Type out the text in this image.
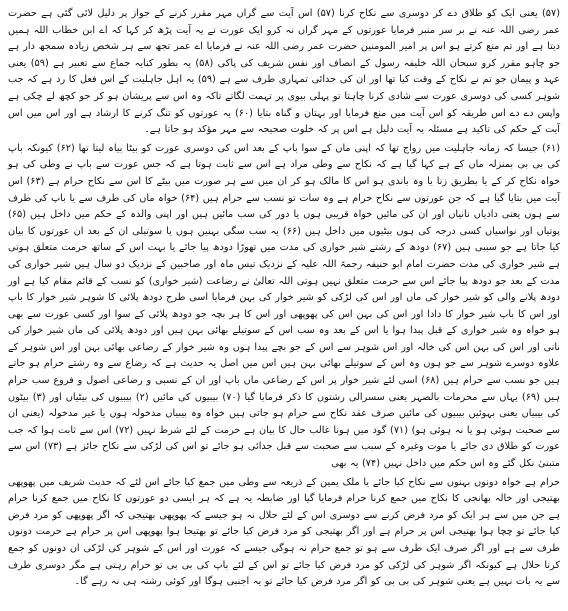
(۵۷) یعنی ایک کو طلاق دے کر دوسری سے نکاح کرنا (۵۷) اس آیت سے گراں مہر مقرر کرنے کے جواز پر دلیل لائی گئی ہے حضرت عمر رضی اللہ عنہ نے بر سر منبر فرمایا عورتوں کے مہر گراں نہ کرو ایک عورت نے یہ آیت پڑھ کر کہا کہ اے ابن خطاب اللہ ہمیں دیتا ہے اور تم منع کرتے ہو اس پر امیر المومنین حضرت عمر رضی اللہ عنہ نے فرمایا اے عمر تجھ سے ہر شخص زیادہ سمجھ دار ہے جو چاہو مقرر کرو سبحان اللہ خلیفہ رسول کے انصاف اور نفس شریف کی پاکی (۵۸) یہ بطور کنایہ جماع سے تعبیر ہے (۵۹) یعنی عہد و پیمان جو تم نے نکاح کے وقت کیا تھا اور ان کی جدائی تمہاری طرف سے ہے (۵۹) یہ اہل جاہلیت کے اس فعل کا رد ہے کہ جب شوہر کسی کی دوسری عورت سے شادی کرنا چاہتا تو پہلی بیوی پر تہمت لگاتے تاکہ وہ اس سے پریشان ہو کر جو کچھ لے چکی ہے واپس دے دے اس طریقہ کو اس آیت میں منع فرمایا اور بہتان و گناہ بتایا (۶۰) یہ عورتوں کو تنگ کرنے کا ارشاد ہے اور اس میں اس آیت کے حکم کی تاکید ہے مسئلہ یہ آیت دلیل ہے اس پر کہ خلوت صحیحہ سے مہر مؤکد ہو جاتا ہے۔

(۶۱) جیسا کہ زمانہ جاہلیت میں رواج تھا کہ اپنی ماں کے سوا باپ کے بعد اس کی دوسری عورت کو بیٹا بیاہ لیتا تھا (۶۲) کیونکہ باپ کی بی بی بمنزلہ ماں کے ہے کہا گیا ہے کہ نکاح سے وطی مراد ہے اس سے ثابت ہوتا ہے کہ جس عورت سے باپ نے وطی کی ہو خواہ نکاح کر کے یا بطریق زنا یا وہ باندی ہو اس کا مالک ہو کر ان میں سے ہر صورت میں بیٹے کا اس سے نکاح حرام ہے (۶۳) اس آیت میں بتایا گیا ہے کہ جن عورتوں سے نکاح حرام ہے وہ سات تو نسب سے حرام ہیں (۶۴) خواہ ماں کی طرف سے یا باپ کی طرف سے ہوں یعنی دادیاں نانیاں اور ان کی مائیں خواہ قریبی ہوں یا دور کی سب مائیں ہیں اور اپنی والدہ کے حکم میں داخل ہیں (۶۵) پوتیاں اور نواسیاں کسی درجہ کی ہوں بیٹیوں میں داخل ہیں (۶۶) یہ سب سگی بہنیں ہوں یا سوتیلی ان کے بعد ان عورتوں کا بیان کیا جاتا ہے جو سببی ہیں (۶۷) دودھ کے رشتے شیر خواری کی مدت میں تھوڑا دودھ پیا جائے یا بہت اس کے ساتھ حرمت متعلق ہوتی ہے شیر خواری کی مدت حضرت امام ابو حنیفہ رحمۃ اللہ علیہ کے نزدیک تیس ماہ اور صاحبین کے نزدیک دو سال ہیں شیر خواری کی مدت کے بعد جو دودھ پیا جائے اس سے حرمت متعلق نہیں ہوتی اللہ تعالیٰ نے رضاعت (شیر خواری) کو نسب کے قائم مقام کیا ہے اور دودھ پلانے والی کو شیر خوار کی ماں اور اس کی لڑکی کو شیر خوار کی بہن فرمایا اسی طرح دودھ پلائی کا شوہر شیر خوار کا باپ اور اس کا باپ شیر خوار کا دادا اور اس کی بہن اس کی پھوپھی اور اس کا ہر بچہ جو دودھ پلائی کے سوا اور کسی عورت سے بھی ہو خواہ وہ شیر خواری کے قبل پیدا ہوا یا اس کے بعد وہ سب اس کے سوتیلے بھائی بہن ہیں اور دودھ پلائی کی ماں شیر خوار کی نانی اور اس کی بہن اس کی خالہ اور اس شوہر سے اس کے جو بچے پیدا ہوں وہ شیر خوار کے رضاعی بھائی بہن اور اس شوہر کے علاوہ دوسرے شوہر سے جو ہوں وہ اس کے سوتیلے بھائی بہن ہیں اس میں اصل یہ حدیث ہے کہ رضاع سے وہ رشتے حرام ہو جاتے ہیں جو نسب سے حرام ہیں (۶۸) اسی لئے شیر خوار پر اس کے رضاعی ماں باپ اور ان کے نسبی و رضاعی اصول و فروع سب حرام ہیں (۶۹) یہاں سے محرمات بالصہر یعنی سسرالی رشتوں کا ذکر فرمایا گیا (۷۰) بیبیوں کی مائیں (۲) بیبیوں کی بیٹیاں اور (۳) بیٹوں کی بیبیاں یعنی بہوئیں بیبیوں کی مائیں صرف عقد نکاح سے حرام ہو جاتی ہیں خواہ وہ بیبیاں مدخولہ ہوں یا غیر مدخولہ (یعنی ان سے صحبت ہوئی ہو یا نہ ہوئی ہو) (۷۱) گود میں ہونا غالب حال کا بیان ہے حرمت کے لئے شرط نہیں (۷۲) اس سے ثابت ہوا کہ جب عورت کو طلاق دی جائے یا موت وغیرہ کے سبب سے صحبت سے قبل جدائی ہو جائے تو اس کی لڑکی سے نکاح جائز ہے (۷۳) اس سے متبنیٰ نکل گئے وہ اس حکم میں داخل نہیں (۷۴) یہ بھی

حرام ہے خواہ دونوں بہنوں سے نکاح کیا جائے یا ملک یمین کے ذریعہ سے وطی میں جمع کیا جائے اس لئے کہ حدیث شریف میں پھوپھی بھتیجی اور خالہ بھانجی کا نکاح میں جمع کرنا حرام فرمایا گیا اور ضابطہ یہ ہے کہ ہر ایسی دو عورتوں کا نکاح میں جمع کرنا حرام ہے جن میں سے ہر ایک کو مرد فرض کرنے سے دوسری اس کے لئے حلال نہ ہو جیسے کہ پھوپھی بھتیجی کہ اگر پھوپھی کو مرد فرض کیا جائے تو چچا ہوا بھتیجی اس پر حرام ہے اور اگر بھتیجی کو مرد فرض کیا جائے تو بھتیجا ہوا پھوپھی اس پر حرام ہے حرمت دونوں طرف سے ہے اور اگر صرف ایک طرف سے ہو تو جمع حرام نہ ہوگی جیسے کہ عورت اور اس کے شوہر کی لڑکی ان دونوں کو جمع کرنا حلال ہے کیونکہ اگر شوہر کی لڑکی کو مرد فرض کیا جائے تو اس کے لئے باپ کی بی بی تو حرام رہتی ہے مگر دوسری طرف سے یہ بات نہیں ہے یعنی شوہر کی بی بی کو اگر مرد فرض کیا جائے تو یہ اجنبی ہوگا اور کوئی رشتہ ہی نہ رہے گا۔
